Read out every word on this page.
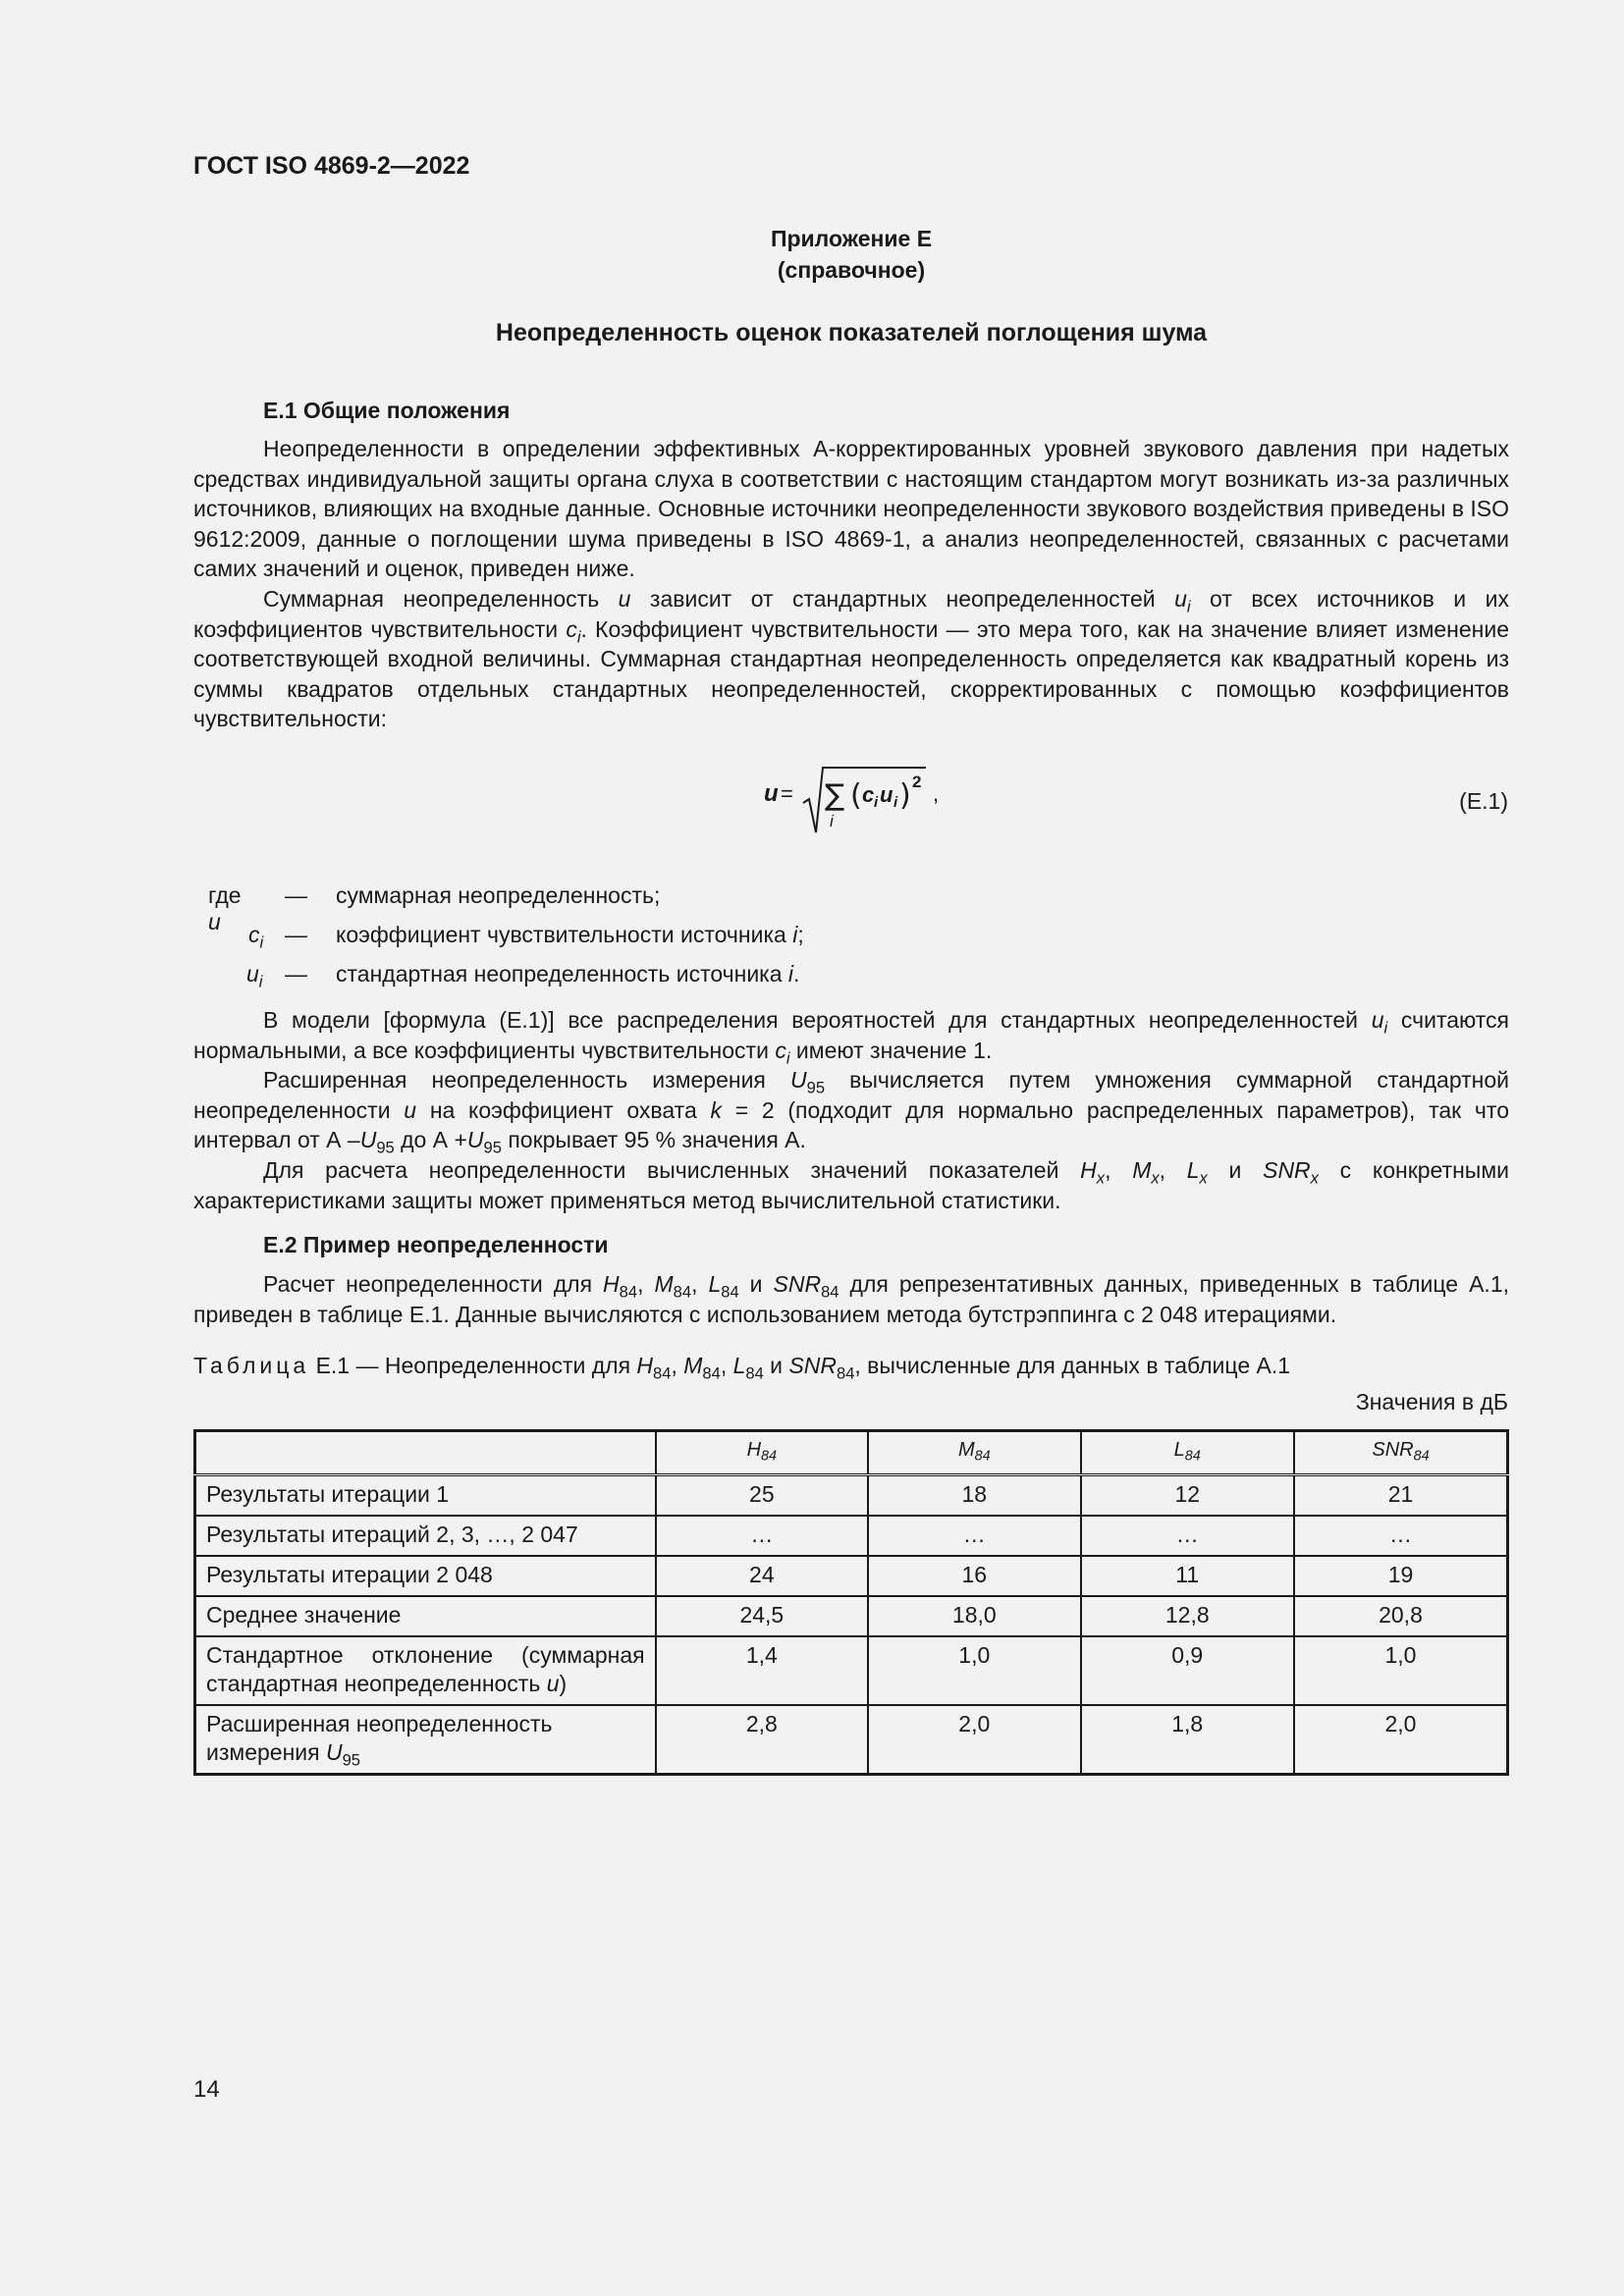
ГОСТ ISO 4869-2—2022
Приложение Е
(справочное)
Неопределенность оценок показателей поглощения шума
Е.1 Общие положения

Неопределенности в определении эффективных А-корректированных уровней звукового давления при надетых средствах индивидуальной защиты органа слуха в соответствии с настоящим стандартом могут возникать из-за различных источников, влияющих на входные данные. Основные источники неопределенности звукового воздействия приведены в ISO 9612:2009, данные о поглощении шума приведены в ISO 4869-1, а анализ неопределенностей, связанных с расчетами самих значений и оценок, приведен ниже.

Суммарная неопределенность u зависит от стандартных неопределенностей $u_i$ от всех источников и их коэффициентов чувствительности $c_i$. Коэффициент чувствительности — это мера того, как на значение влияет изменение соответствующей входной величины. Суммарная стандартная неопределенность определяется как квадратный корень из суммы квадратов отдельных стандартных неопределенностей, скорректированных с помощью коэффициентов чувствительности:

u = ∑
i
( c i u i ) 2 ,	(Е.1)
где u
— суммарная неопределенность;
$c_i$ — коэффициент чувствительности источника i;
$u_i$ — стандартная неопределенность источника i.

В модели [формула (Е.1)] все распределения вероятностей для стандартных неопределенностей $u_i$ считаются нормальными, а все коэффициенты чувствительности $c_i$ имеют значение 1.

Расширенная неопределенность измерения $U_{95}$ вычисляется путем умножения суммарной стандартной неопределенности u на коэффициент охвата k = 2 (подходит для нормально распределенных параметров), так что интервал от А $-U_{95}$ до $А +U_{95}$ покрывает 95 % значения А.

Для расчета неопределенности вычисленных значений показателей $H_x$, $M_x$, $L_x$ и $SNR_x$ с конкретными характеристиками защиты может применяться метод вычислительной статистики.

Е.2 Пример неопределенности

Расчет неопределенности для $H_{84}$, $M_{84}$, $L_{84}$ и $SNR_{84}$ для репрезентативных данных, приведенных в таблице А.1, приведен в таблице Е.1. Данные вычисляются с использованием метода бутстрэппинга с 2 048 итерациями.

Таблица Е.1 — Неопределенности для $H_{84}$, $M_{84}$, $L_{84}$ и $SNR_{84}$, вычисленные для данных в таблице А.1
Значения в дБ
	$H_{84}$	$M_{84}$	$L_{84}$	$SNR_{84}$
Результаты итерации 1	25	18	12	21
Результаты итераций 2, 3, …, 2 047	…	…	…	…
Результаты итерации 2 048	24	16	11	19
Среднее значение	24,5	18,0	12,8	20,8
Стандартное отклонение (суммарная стандартная неопределенность u)	1,4	1,0	0,9	1,0
Расширенная неопределенность измерения $U_{95}$	2,8	2,0	1,8	2,0
14
